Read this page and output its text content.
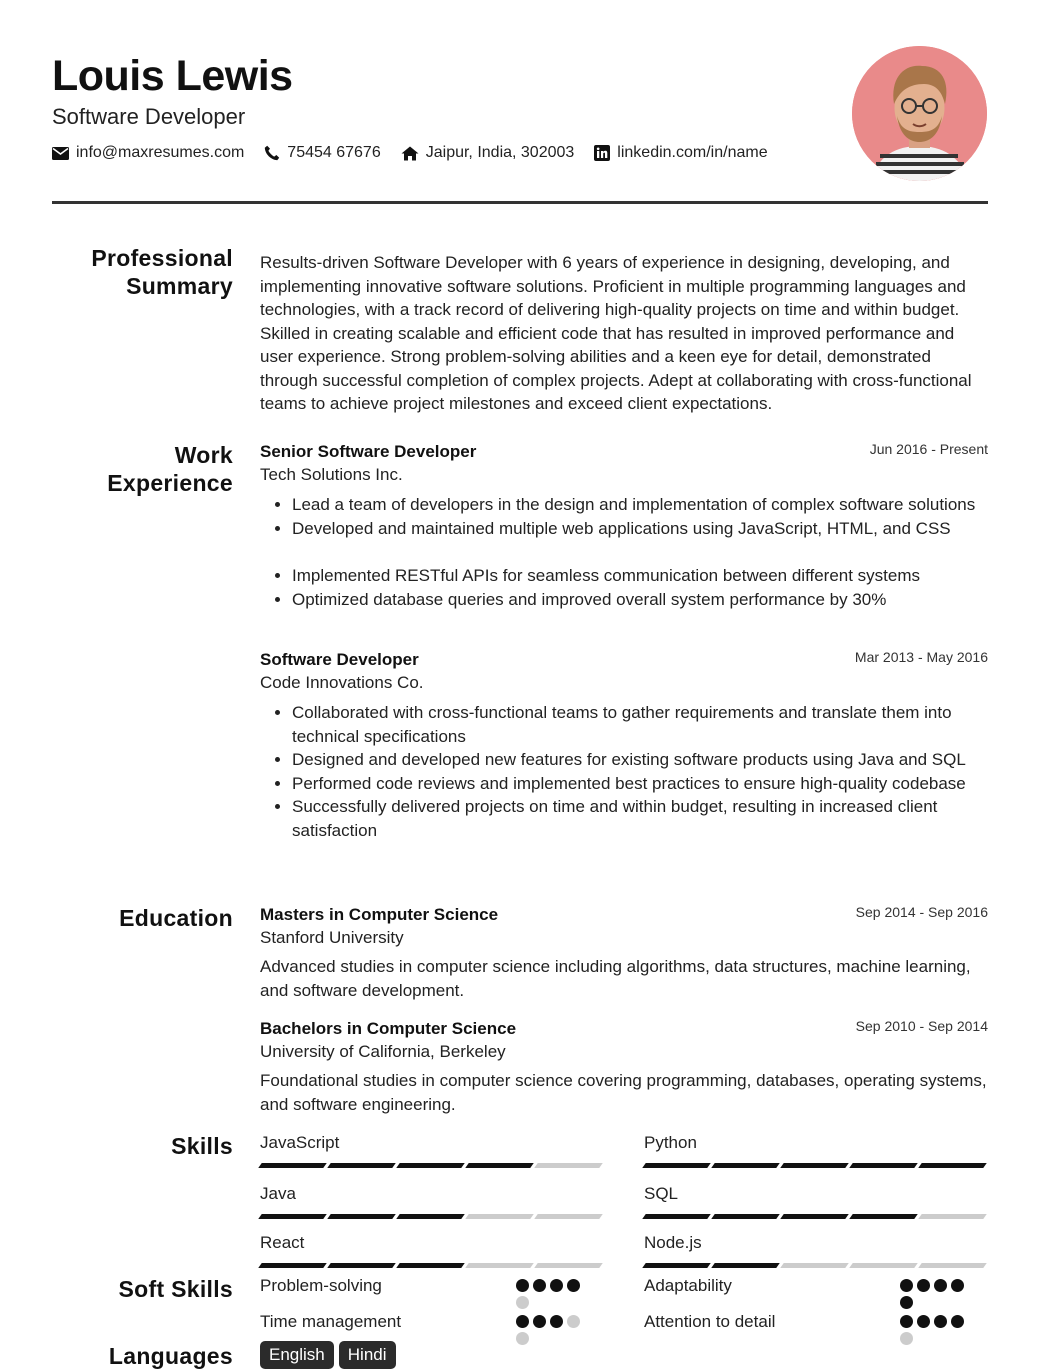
Louis Lewis
Software Developer
info@maxresumes.com	75454 67676	Jaipur, India, 302003	linkedin.com/in/name
Professional
Summary
Results-driven Software Developer with 6 years of experience in designing, developing, and implementing innovative software solutions. Proficient in multiple programming languages and technologies, with a track record of delivering high-quality projects on time and within budget. Skilled in creating scalable and efficient code that has resulted in improved performance and user experience. Strong problem-solving abilities and a keen eye for detail, demonstrated through successful completion of complex projects. Adept at collaborating with cross-functional teams to achieve project milestones and exceed client expectations.
Work
Experience
Senior Software Developer	Jun 2016 - Present
Tech Solutions Inc.
• Lead a team of developers in the design and implementation of complex software solutions
• Developed and maintained multiple web applications using JavaScript, HTML, and CSS
• Implemented RESTful APIs for seamless communication between different systems
• Optimized database queries and improved overall system performance by 30%
Software Developer	Mar 2013 - May 2016
Code Innovations Co.
• Collaborated with cross-functional teams to gather requirements and translate them into technical specifications
• Designed and developed new features for existing software products using Java and SQL
• Performed code reviews and implemented best practices to ensure high-quality codebase
• Successfully delivered projects on time and within budget, resulting in increased client satisfaction
Education Masters in Computer Science	Sep 2014 - Sep 2016
Stanford University
Advanced studies in computer science including algorithms, data structures, machine learning, and software development.
Bachelors in Computer Science	Sep 2010 - Sep 2014
University of California, Berkeley
Foundational studies in computer science covering programming, databases, operating systems, and software engineering.
Skills JavaScript	Python
Java	SQL
React	Node.js
Soft Skills Problem-solving	Adaptability
Time management	Attention to detail
Languages	English	Hindi
